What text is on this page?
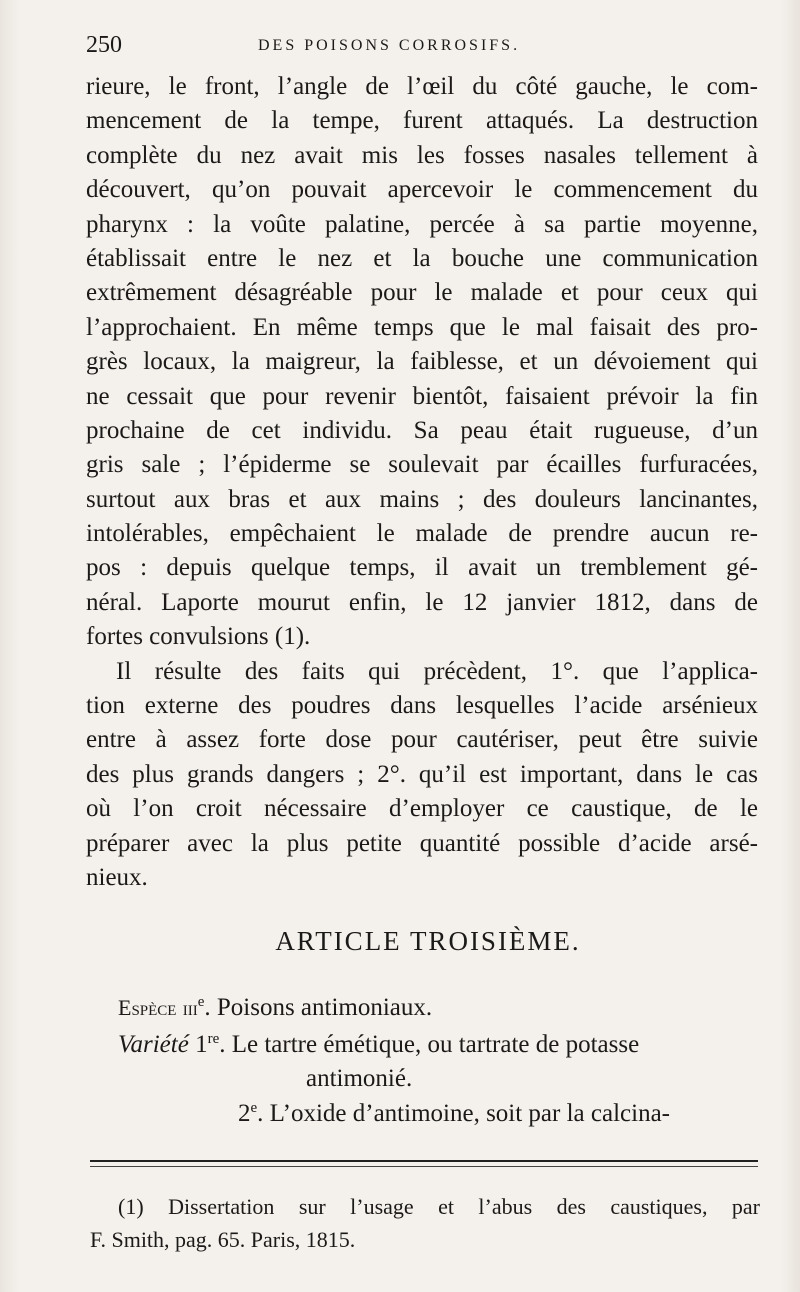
250	DES POISONS CORROSIFS.
rieure, le front, l’angle de l’œil du côté gauche, le com-
mencement de la tempe, furent attaqués. La destruction
complète du nez avait mis les fosses nasales tellement à
découvert, qu’on pouvait apercevoir le commencement du
pharynx : la voûte palatine, percée à sa partie moyenne,
établissait entre le nez et la bouche une communication
extrêmement désagréable pour le malade et pour ceux qui
l’approchaient. En même temps que le mal faisait des pro-
grès locaux, la maigreur, la faiblesse, et un dévoiement qui
ne cessait que pour revenir bientôt, faisaient prévoir la fin
prochaine de cet individu. Sa peau était rugueuse, d’un
gris sale ; l’épiderme se soulevait par écailles furfuracées,
surtout aux bras et aux mains ; des douleurs lancinantes,
intolérables, empêchaient le malade de prendre aucun re-
pos : depuis quelque temps, il avait un tremblement gé-
néral. Laporte mourut enfin, le 12 janvier 1812, dans de
fortes convulsions (1).
Il résulte des faits qui précèdent, 1°. que l’applica-
tion externe des poudres dans lesquelles l’acide arsénieux
entre à assez forte dose pour cautériser, peut être suivie
des plus grands dangers ; 2°. qu’il est important, dans le cas
où l’on croit nécessaire d’employer ce caustique, de le
préparer avec la plus petite quantité possible d’acide arsé-
nieux.
ARTICLE TROISIÈME.
Espèce iii$^e$. Poisons antimoniaux.
Variété 1re. Le tartre émétique, ou tartrate de potasse
antimonié.
2e. L’oxide d’antimoine, soit par la calcina-
(1) Dissertation sur l’usage et l’abus des caustiques, par
F. Smith, pag. 65. Paris, 1815.
